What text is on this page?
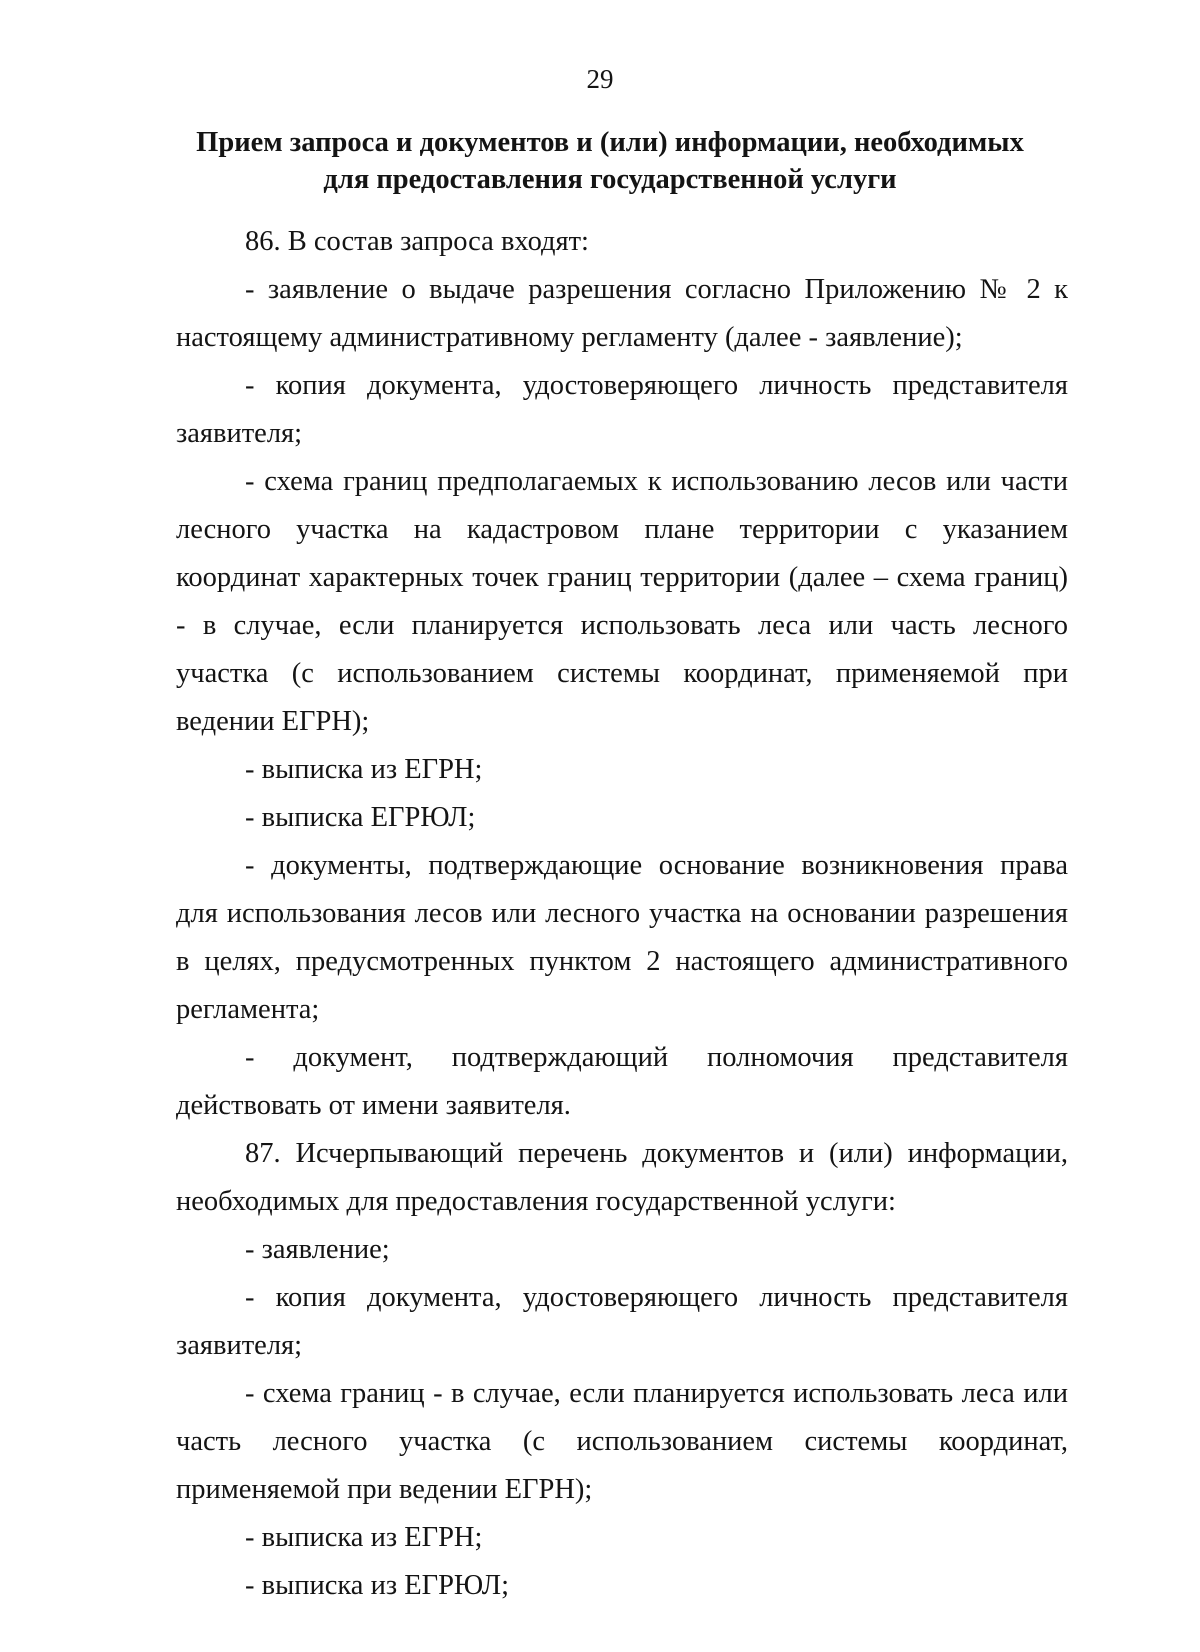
29
Прием запроса и документов и (или) информации, необходимых
для предоставления государственной услуги

86. В состав запроса входят:

- заявление о выдаче разрешения согласно Приложению № 2 к настоящему административному регламенту (далее - заявление);

- копия документа, удостоверяющего личность представителя заявителя;

- схема границ предполагаемых к использованию лесов или части лесного участка на кадастровом плане территории с указанием координат характерных точек границ территории (далее – схема границ) - в случае, если планируется использовать леса или часть лесного участка (с использованием системы координат, применяемой при ведении ЕГРН);

- выписка из ЕГРН;

- выписка ЕГРЮЛ;

- документы, подтверждающие основание возникновения права для использования лесов или лесного участка на основании разрешения в целях, предусмотренных пунктом 2 настоящего административного регламента;

- документ, подтверждающий полномочия представителя действовать от имени заявителя.

87. Исчерпывающий перечень документов и (или) информации, необходимых для предоставления государственной услуги:

- заявление;

- копия документа, удостоверяющего личность представителя заявителя;

- схема границ - в случае, если планируется использовать леса или часть лесного участка (с использованием системы координат, применяемой при ведении ЕГРН);

- выписка из ЕГРН;

- выписка из ЕГРЮЛ;
